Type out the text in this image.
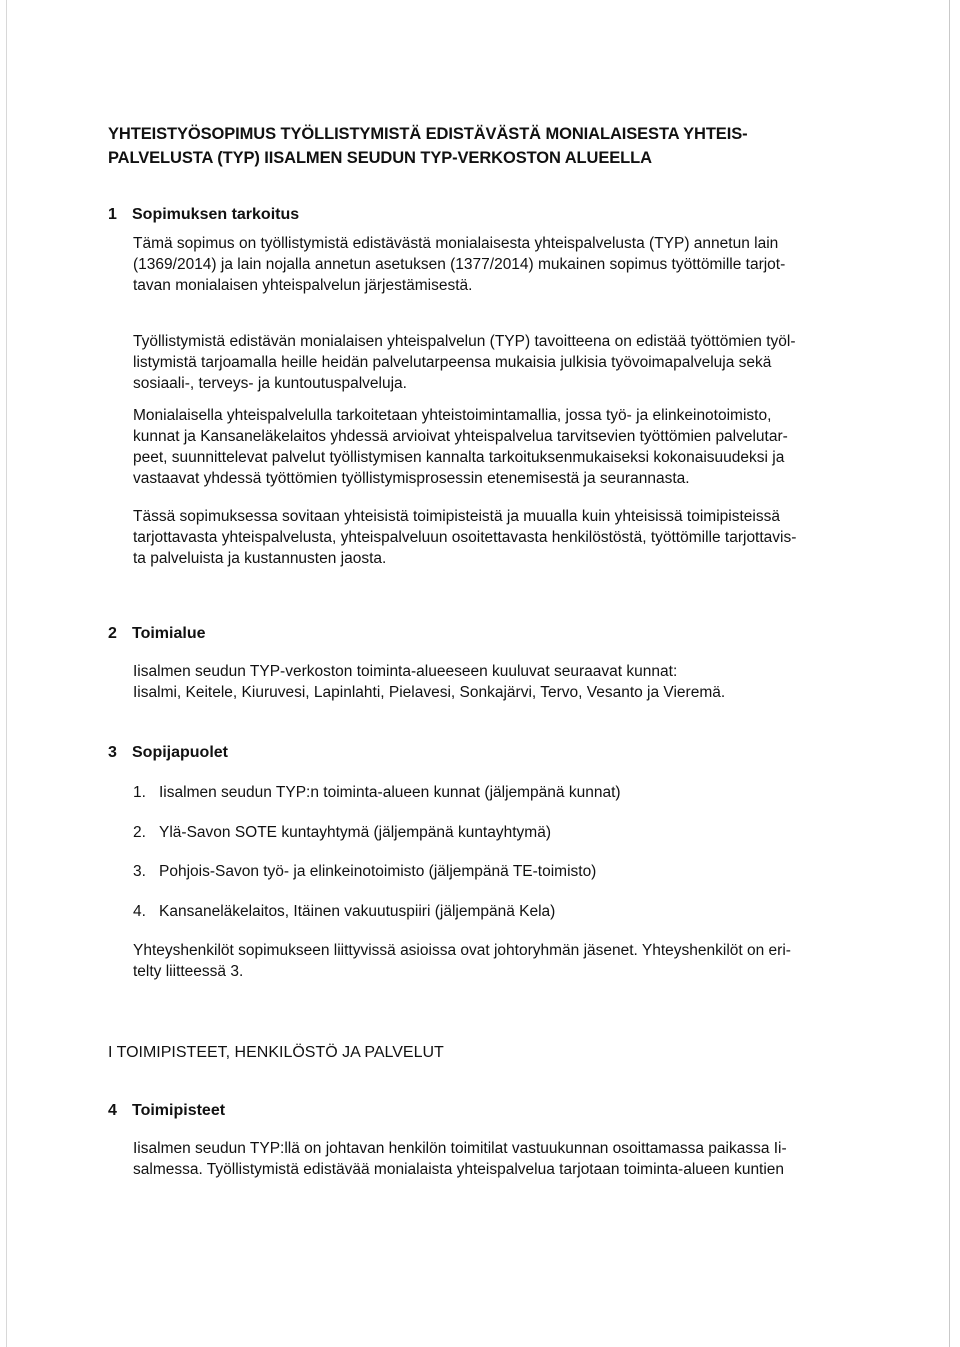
YHTEISTYÖSOPIMUS TYÖLLISTYMISTÄ EDISTÄVÄSTÄ MONIALAISESTA YHTEIS-
PALVELUSTA (TYP) IISALMEN SEUDUN TYP-VERKOSTON ALUEELLA
1 Sopimuksen tarkoitus
Tämä sopimus on työllistymistä edistävästä monialaisesta yhteispalvelusta (TYP) annetun lain
(1369/2014) ja lain nojalla annetun asetuksen (1377/2014) mukainen sopimus työttömille tarjot-
tavan monialaisen yhteispalvelun järjestämisestä.
Työllistymistä edistävän monialaisen yhteispalvelun (TYP) tavoitteena on edistää työttömien työl-
listymistä tarjoamalla heille heidän palvelutarpeensa mukaisia julkisia työvoimapalveluja sekä
sosiaali-, terveys- ja kuntoutuspalveluja.
Monialaisella yhteispalvelulla tarkoitetaan yhteistoimintamallia, jossa työ- ja elinkeinotoimisto,
kunnat ja Kansaneläkelaitos yhdessä arvioivat yhteispalvelua tarvitsevien työttömien palvelutar-
peet, suunnittelevat palvelut työllistymisen kannalta tarkoituksenmukaiseksi kokonaisuudeksi ja
vastaavat yhdessä työttömien työllistymisprosessin etenemisestä ja seurannasta.
Tässä sopimuksessa sovitaan yhteisistä toimipisteistä ja muualla kuin yhteisissä toimipisteissä
tarjottavasta yhteispalvelusta, yhteispalveluun osoitettavasta henkilöstöstä, työttömille tarjottavis-
ta palveluista ja kustannusten jaosta.
2 Toimialue
Iisalmen seudun TYP-verkoston toiminta-alueeseen kuuluvat seuraavat kunnat:
Iisalmi, Keitele, Kiuruvesi, Lapinlahti, Pielavesi, Sonkajärvi, Tervo, Vesanto ja Vieremä.
3 Sopijapuolet
1. Iisalmen seudun TYP:n toiminta-alueen kunnat (jäljempänä kunnat)
2. Ylä-Savon SOTE kuntayhtymä (jäljempänä kuntayhtymä)
3. Pohjois-Savon työ- ja elinkeinotoimisto (jäljempänä TE-toimisto)
4. Kansaneläkelaitos, Itäinen vakuutuspiiri (jäljempänä Kela)
Yhteyshenkilöt sopimukseen liittyvissä asioissa ovat johtoryhmän jäsenet. Yhteyshenkilöt on eri-
telty liitteessä 3.
I TOIMIPISTEET, HENKILÖSTÖ JA PALVELUT
4 Toimipisteet
Iisalmen seudun TYP:llä on johtavan henkilön toimitilat vastuukunnan osoittamassa paikassa Ii-
salmessa. Työllistymistä edistävää monialaista yhteispalvelua tarjotaan toiminta-alueen kuntien
